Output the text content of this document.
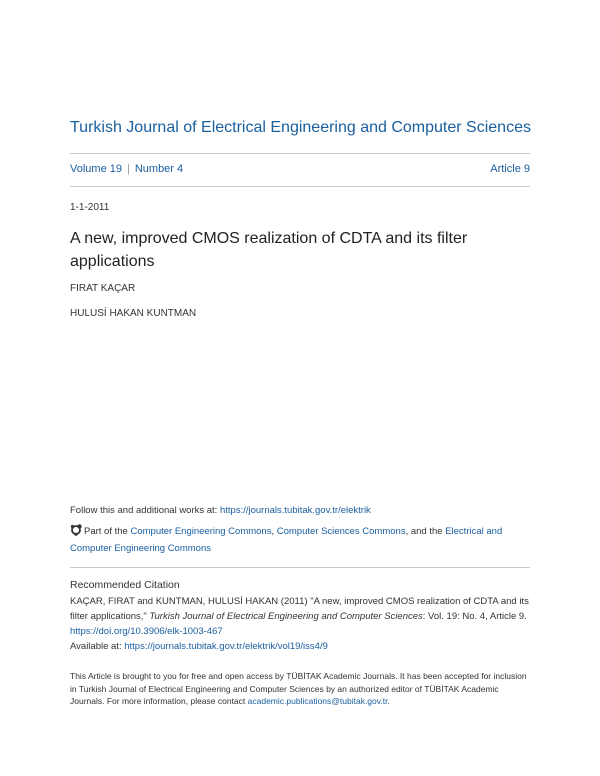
Turkish Journal of Electrical Engineering and Computer Sciences
Volume 19 | Number 4	Article 9
1-1-2011
A new, improved CMOS realization of CDTA and its filter applications
FIRAT KAÇAR
HULUSİ HAKAN KUNTMAN
Follow this and additional works at: https://journals.tubitak.gov.tr/elektrik
Part of the Computer Engineering Commons, Computer Sciences Commons, and the Electrical and Computer Engineering Commons
Recommended Citation
KAÇAR, FIRAT and KUNTMAN, HULUSİ HAKAN (2011) "A new, improved CMOS realization of CDTA and its filter applications," Turkish Journal of Electrical Engineering and Computer Sciences: Vol. 19: No. 4, Article 9. https://doi.org/10.3906/elk-1003-467
Available at: https://journals.tubitak.gov.tr/elektrik/vol19/iss4/9
This Article is brought to you for free and open access by TÜBİTAK Academic Journals. It has been accepted for inclusion in Turkish Journal of Electrical Engineering and Computer Sciences by an authorized editor of TÜBİTAK Academic Journals. For more information, please contact academic.publications@tubitak.gov.tr.
